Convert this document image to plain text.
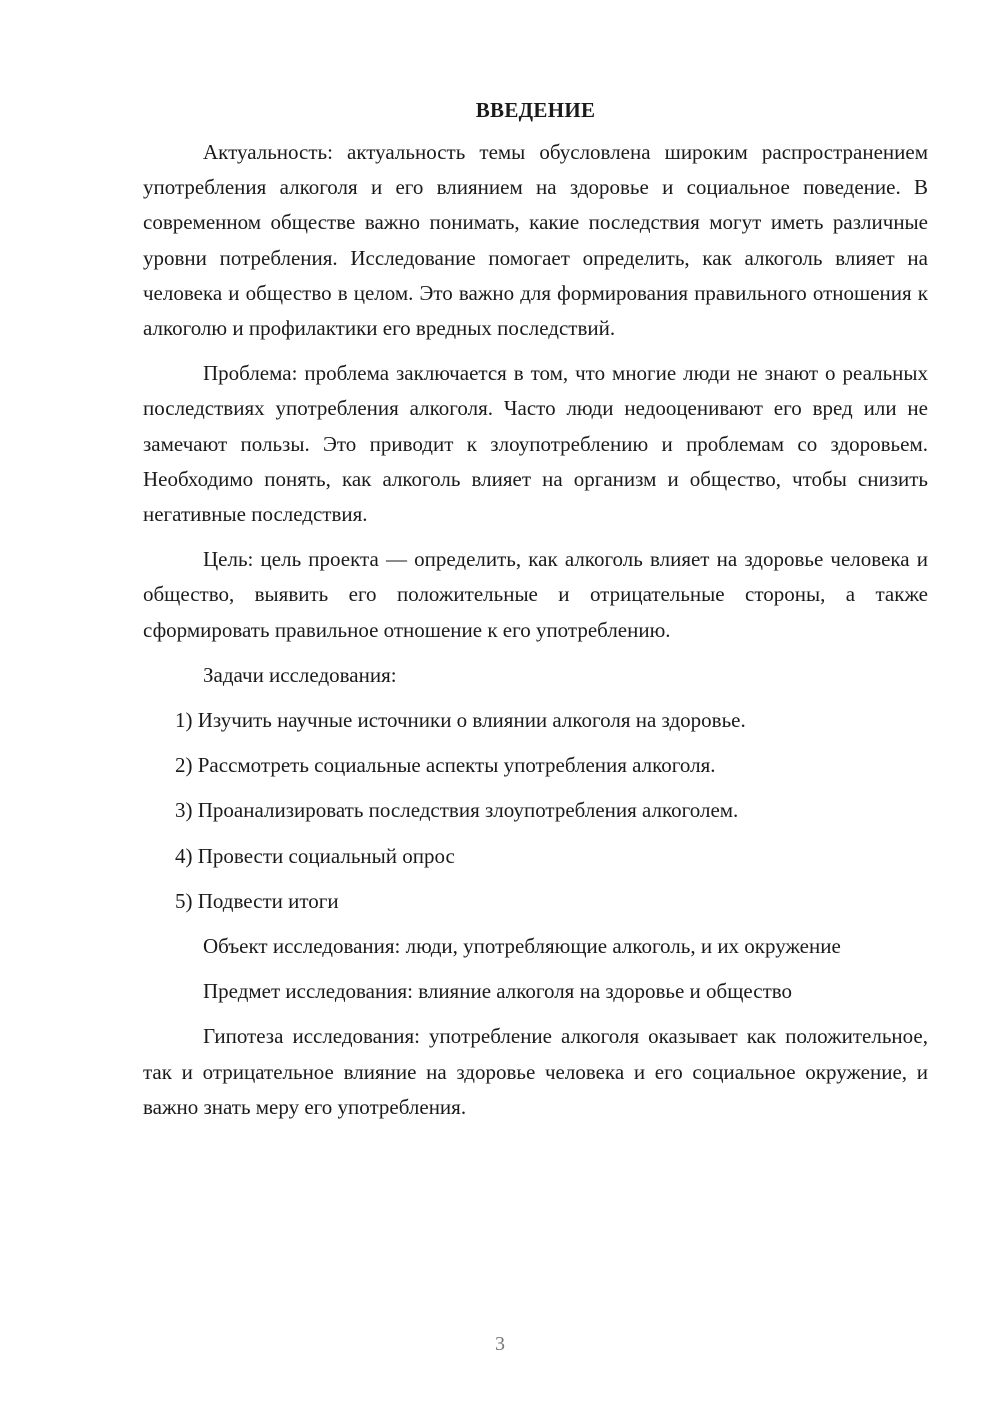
ВВЕДЕНИЕ

Актуальность: актуальность темы обусловлена широким распространением употребления алкоголя и его влиянием на здоровье и социальное поведение. В современном обществе важно понимать, какие последствия могут иметь различные уровни потребления. Исследование помогает определить, как алкоголь влияет на человека и общество в целом. Это важно для формирования правильного отношения к алкоголю и профилактики его вредных последствий.

Проблема: проблема заключается в том, что многие люди не знают о реальных последствиях употребления алкоголя. Часто люди недооценивают его вред или не замечают пользы. Это приводит к злоупотреблению и проблемам со здоровьем. Необходимо понять, как алкоголь влияет на организм и общество, чтобы снизить негативные последствия.

Цель: цель проекта — определить, как алкоголь влияет на здоровье человека и общество, выявить его положительные и отрицательные стороны, а также сформировать правильное отношение к его употреблению.

Задачи исследования:

1) Изучить научные источники о влиянии алкоголя на здоровье.

2) Рассмотреть социальные аспекты употребления алкоголя.

3) Проанализировать последствия злоупотребления алкоголем.

4) Провести социальный опрос

5) Подвести итоги

Объект исследования: люди, употребляющие алкоголь, и их окружение

Предмет исследования: влияние алкоголя на здоровье и общество

Гипотеза исследования: употребление алкоголя оказывает как положительное, так и отрицательное влияние на здоровье человека и его социальное окружение, и важно знать меру его употребления.

3
